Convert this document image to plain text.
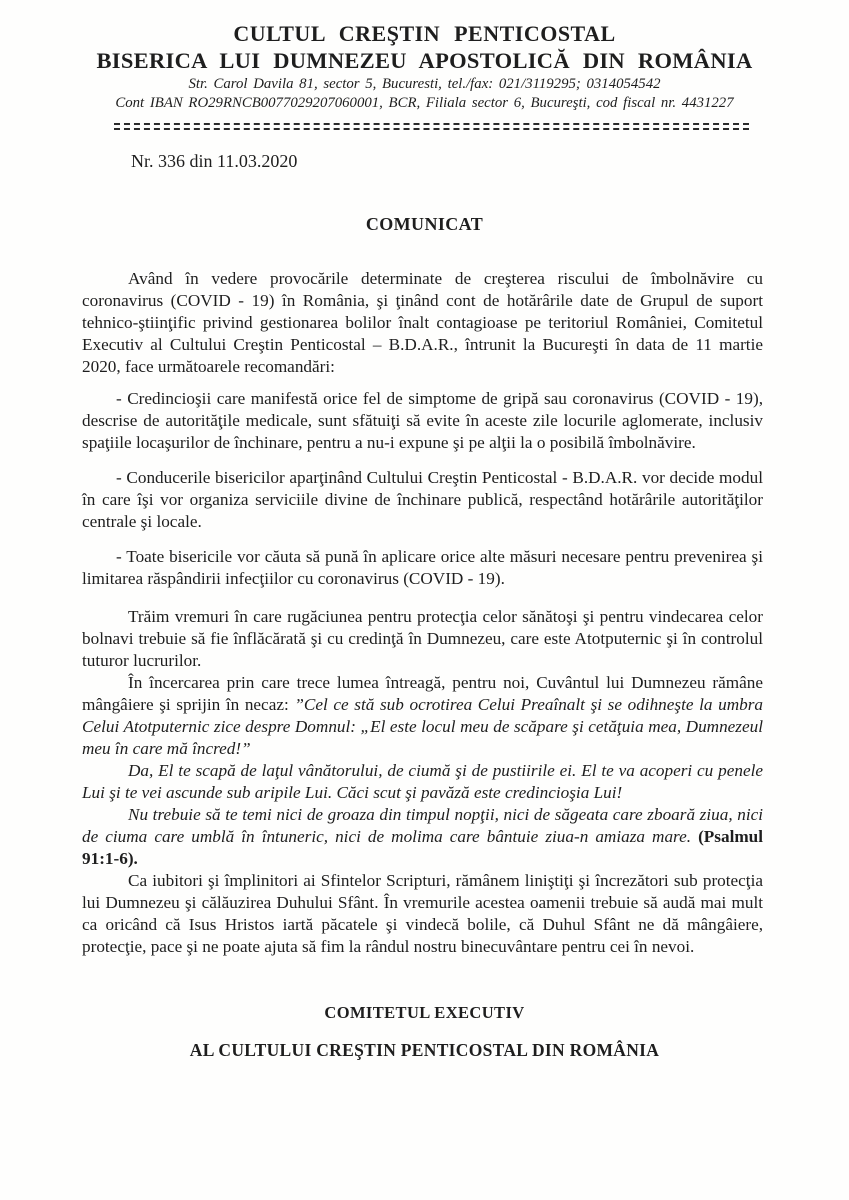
CULTUL CREŞTIN PENTICOSTAL
BISERICA LUI DUMNEZEU APOSTOLICĂ DIN ROMÂNIA
Str. Carol Davila 81, sector 5, Bucuresti, tel./fax: 021/3119295; 0314054542
Cont IBAN RO29RNCB0077029207060001, BCR, Filiala sector 6, Bucureşti, cod fiscal nr. 4431227
Nr. 336 din 11.03.2020
COMUNICAT

Având în vedere provocările determinate de creşterea riscului de îmbolnăvire cu coronavirus (COVID - 19) în România, şi ţinând cont de hotărârile date de Grupul de suport tehnico-ştiinţific privind gestionarea bolilor înalt contagioase pe teritoriul României, Comitetul Executiv al Cultului Creştin Penticostal – B.D.A.R., întrunit la Bucureşti în data de 11 martie 2020, face următoarele recomandări:

- Credincioşii care manifestă orice fel de simptome de gripă sau coronavirus (COVID - 19), descrise de autorităţile medicale, sunt sfătuiţi să evite în aceste zile locurile aglomerate, inclusiv spaţiile locaşurilor de închinare, pentru a nu-i expune şi pe alţii la o posibilă îmbolnăvire.

- Conducerile bisericilor aparţinând Cultului Creştin Penticostal - B.D.A.R. vor decide modul în care îşi vor organiza serviciile divine de închinare publică, respectând hotărârile autorităţilor centrale şi locale.

- Toate bisericile vor căuta să pună în aplicare orice alte măsuri necesare pentru prevenirea şi limitarea răspândirii infecţiilor cu coronavirus (COVID - 19).

Trăim vremuri în care rugăciunea pentru protecţia celor sănătoşi şi pentru vindecarea celor bolnavi trebuie să fie înflăcărată şi cu credinţă în Dumnezeu, care este Atotputernic şi în controlul tuturor lucrurilor.

În încercarea prin care trece lumea întreagă, pentru noi, Cuvântul lui Dumnezeu rămâne mângâiere şi sprijin în necaz: ”Cel ce stă sub ocrotirea Celui Preaînalt şi se odihneşte la umbra Celui Atotputernic zice despre Domnul: „El este locul meu de scăpare şi cetăţuia mea, Dumnezeul meu în care mă încred!”

Da, El te scapă de laţul vânătorului, de ciumă şi de pustiirile ei. El te va acoperi cu penele Lui şi te vei ascunde sub aripile Lui. Căci scut şi pavăză este credincioşia Lui!

Nu trebuie să te temi nici de groaza din timpul nopţii, nici de săgeata care zboară ziua, nici de ciuma care umblă în întuneric, nici de molima care bântuie ziua-n amiaza mare. (Psalmul 91:1-6).

Ca iubitori şi împlinitori ai Sfintelor Scripturi, rămânem liniştiţi şi încrezători sub protecţia lui Dumnezeu şi călăuzirea Duhului Sfânt. În vremurile acestea oamenii trebuie să audă mai mult ca oricând că Isus Hristos iartă păcatele şi vindecă bolile, că Duhul Sfânt ne dă mângâiere, protecţie, pace şi ne poate ajuta să fim la rândul nostru binecuvântare pentru cei în nevoi.

COMITETUL EXECUTIV
AL CULTULUI CREŞTIN PENTICOSTAL DIN ROMÂNIA
